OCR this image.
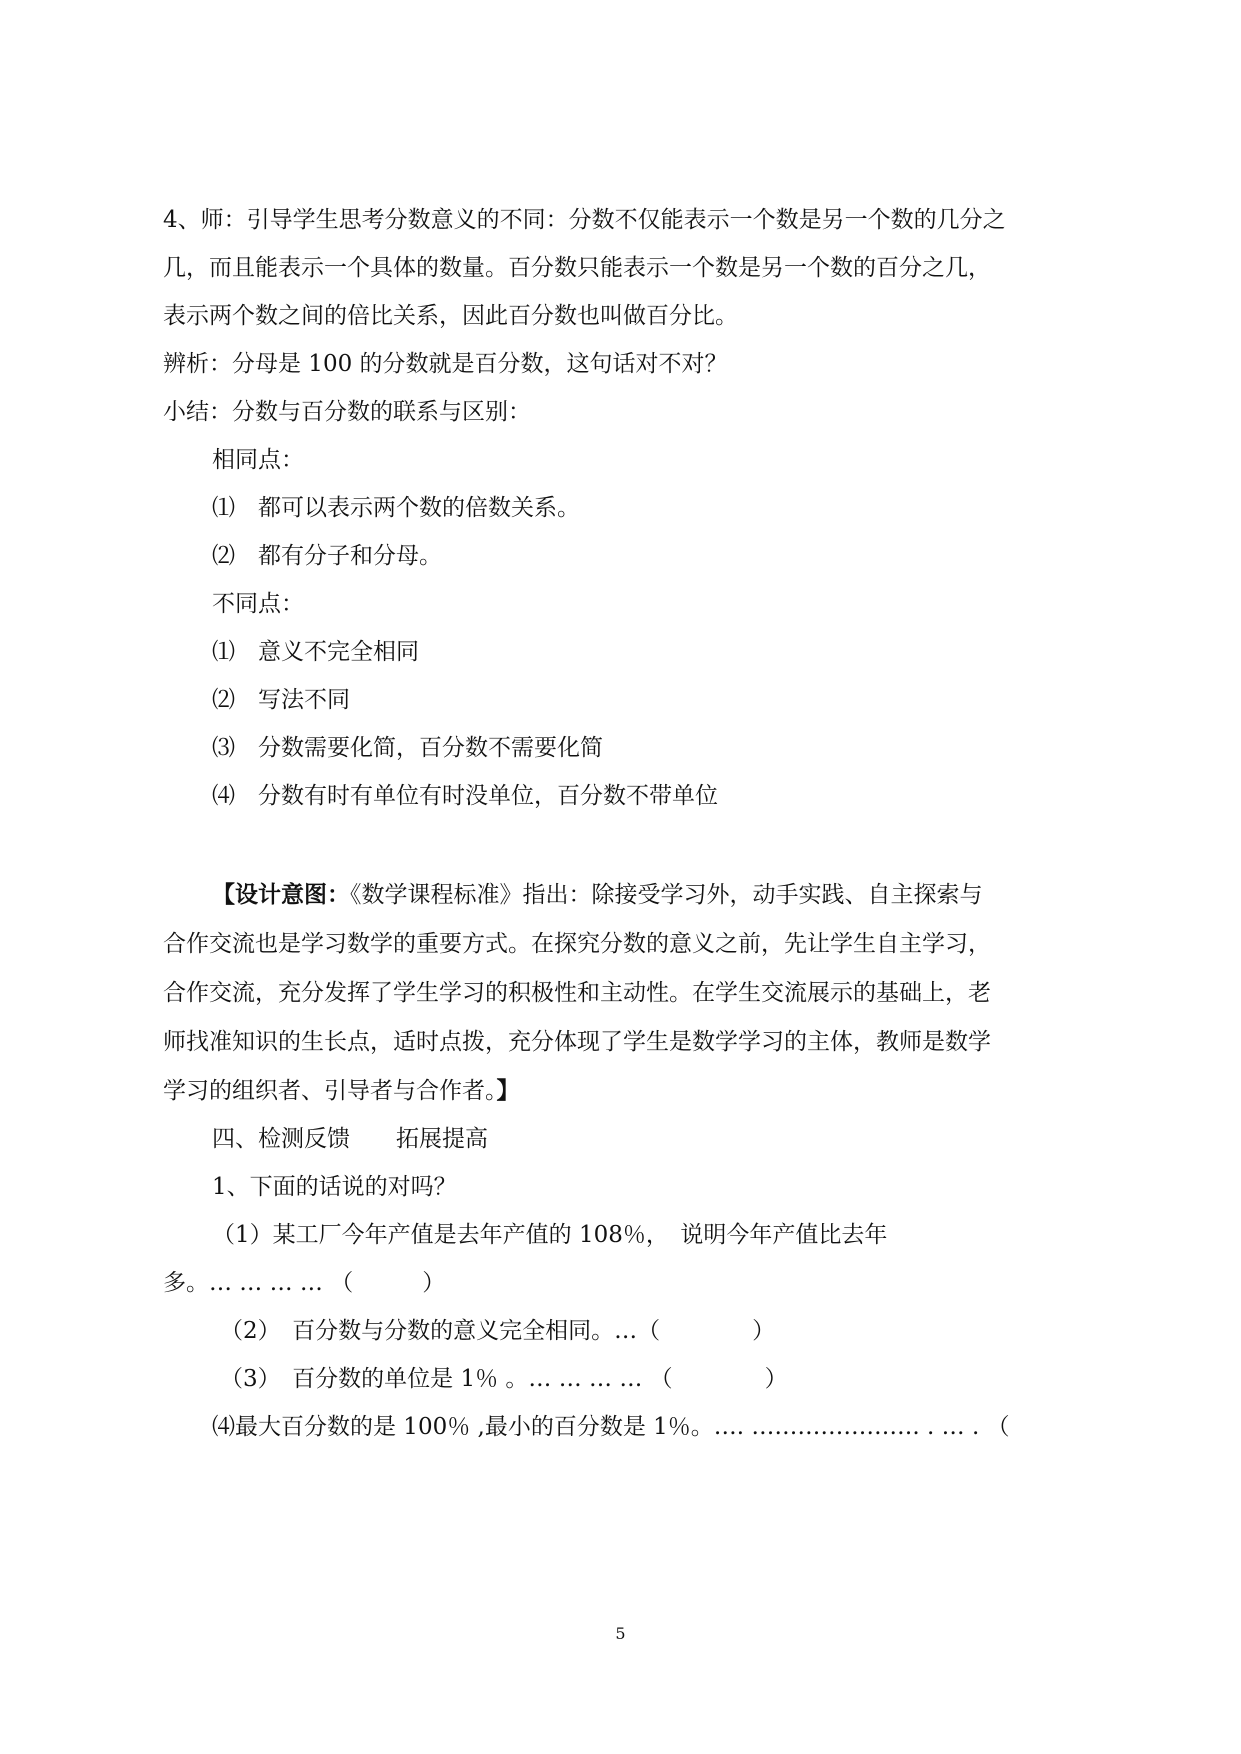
4、师：引导学生思考分数意义的不同：分数不仅能表示一个数是另一个数的几分之
几，而且能表示一个具体的数量。百分数只能表示一个数是另一个数的百分之几，
表示两个数之间的倍比关系，因此百分数也叫做百分比。
辨析：分母是 100 的分数就是百分数，这句话对不对？
小结：分数与百分数的联系与区别：
相同点：
⑴　都可以表示两个数的倍数关系。
⑵　都有分子和分母。
不同点：
⑴　意义不完全相同
⑵　写法不同
⑶　分数需要化简，百分数不需要化简
⑷　分数有时有单位有时没单位，百分数不带单位
【设计意图：《数学课程标准》指出：除接受学习外，动手实践、自主探索与
合作交流也是学习数学的重要方式。在探究分数的意义之前，先让学生自主学习，
合作交流，充分发挥了学生学习的积极性和主动性。在学生交流展示的基础上，老
师找准知识的生长点，适时点拨，充分体现了学生是数学学习的主体，教师是数学
学习的组织者、引导者与合作者。】
四、检测反馈　　拓展提高
1、下面的话说的对吗？
（1）某工厂今年产值是去年产值的 108％，　说明今年产值比去年
多。… … … … （　　　）
（2）　百分数与分数的意义完全相同。…（　　　　）
（3）　百分数的单位是 1％ 。… … … … （　　　　）
⑷最大百分数的是 100％ ,最小的百分数是 1％。…. …………………. . … . （
5
